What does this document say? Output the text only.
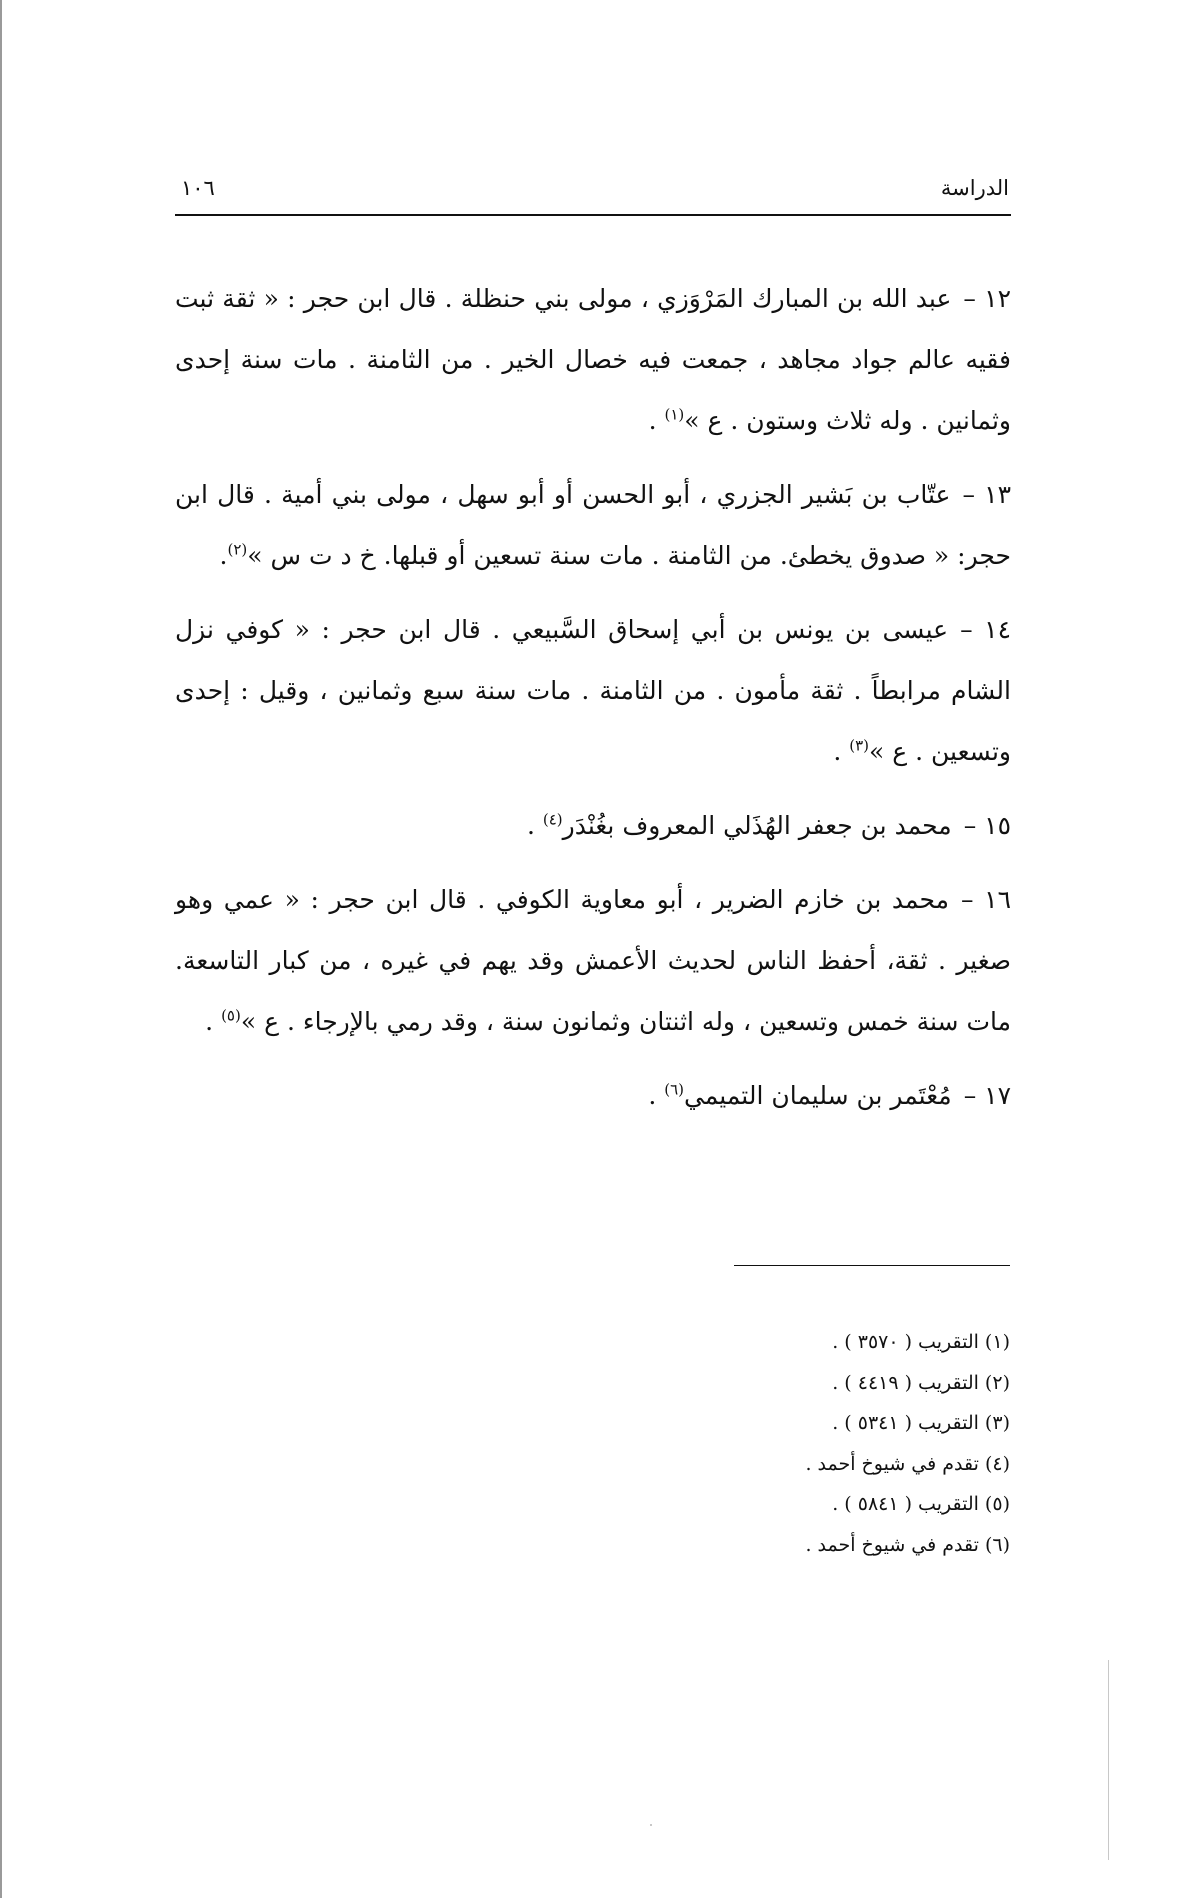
الدراسة
١٠٦

١٢ –عبد الله بن المبارك المَرْوَزي ، مولى بني حنظلة . قال ابن حجر : « ثقة ثبت فقيه عالم جواد مجاهد ، جمعت فيه خصال الخير . من الثامنة . مات سنة إحدى وثمانين . وله ثلاث وستون . ع »$^{(١)}$ .

١٣ –عتّاب بن بَشير الجزري ، أبو الحسن أو أبو سهل ، مولى بني أمية . قال ابن حجر: « صدوق يخطئ. من الثامنة . مات سنة تسعين أو قبلها. خ د ت س »$^{(٢)}$.

١٤ –عيسى بن يونس بن أبي إسحاق السَّبيعي . قال ابن حجر : « كوفي نزل الشام مرابطاً . ثقة مأمون . من الثامنة . مات سنة سبع وثمانين ، وقيل : إحدى وتسعين . ع »$^{(٣)}$ .

١٥ –محمد بن جعفر الهُذَلي المعروف بغُنْدَر$^{(٤)}$ .

١٦ –محمد بن خازم الضرير ، أبو معاوية الكوفي . قال ابن حجر : « عمي وهو صغير . ثقة، أحفظ الناس لحديث الأعمش وقد يهم في غيره ، من كبار التاسعة. مات سنة خمس وتسعين ، وله اثنتان وثمانون سنة ، وقد رمي بالإرجاء . ع »$^{(٥)}$ .

١٧ –مُعْتَمر بن سليمان التميمي$^{(٦)}$ .

(١) التقريب ( ٣٥٧٠ ) .
(٢) التقريب ( ٤٤١٩ ) .
(٣) التقريب ( ٥٣٤١ ) .
(٤) تقدم في شيوخ أحمد .
(٥) التقريب ( ٥٨٤١ ) .
(٦) تقدم في شيوخ أحمد .
